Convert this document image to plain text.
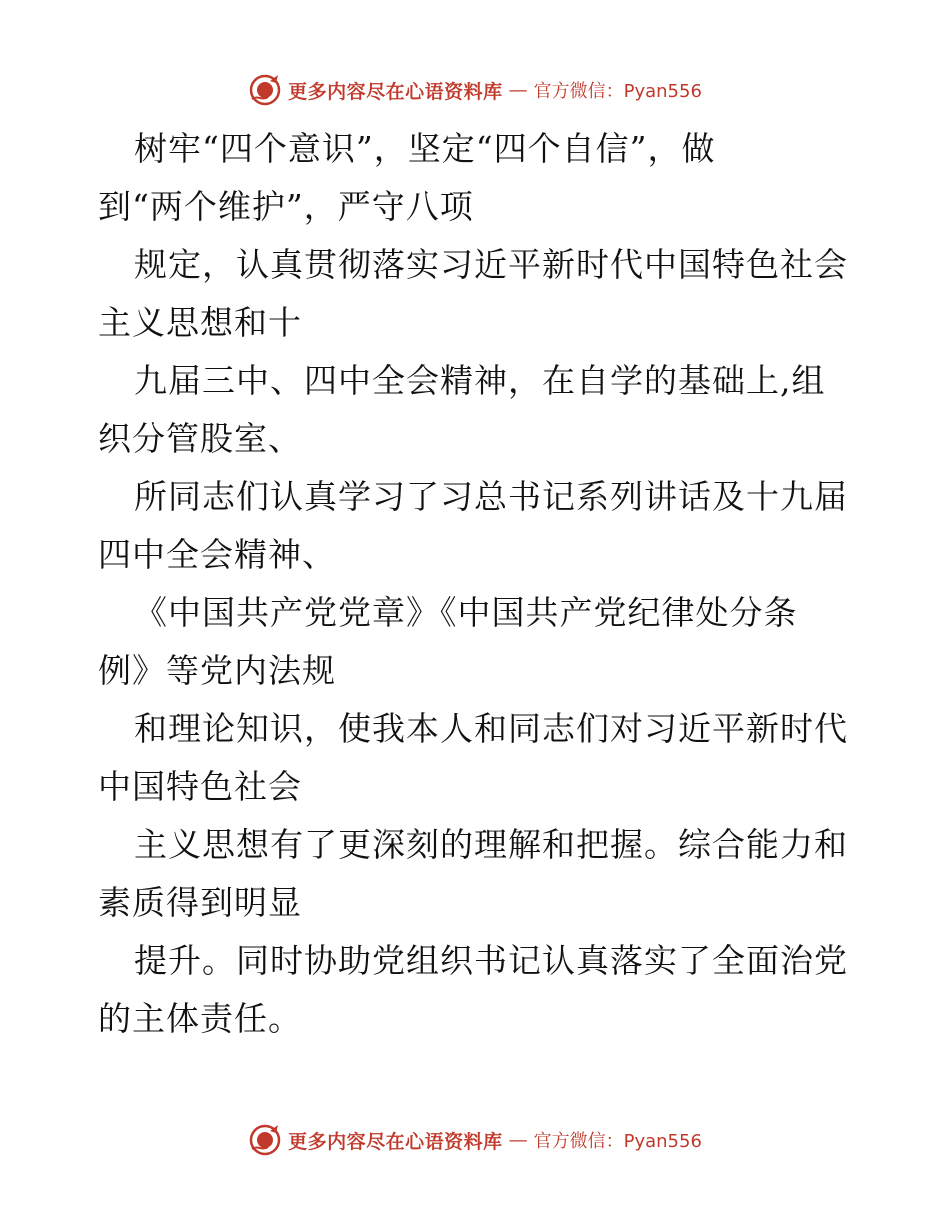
更多内容尽在心语资料库 — 官方微信：Pyan556
树牢“四个意识”，坚定“四个自信”，做
到“两个维护”，严守八项
规定，认真贯彻落实习近平新时代中国特色社会
主义思想和十
九届三中、四中全会精神，在自学的基础上,组
织分管股室、
所同志们认真学习了习总书记系列讲话及十九届
四中全会精神、
《中国共产党党章》《中国共产党纪律处分条
例》等党内法规
和理论知识，使我本人和同志们对习近平新时代
中国特色社会
主义思想有了更深刻的理解和把握。综合能力和
素质得到明显
提升。同时协助党组织书记认真落实了全面治党
的主体责任。
更多内容尽在心语资料库 — 官方微信：Pyan556
